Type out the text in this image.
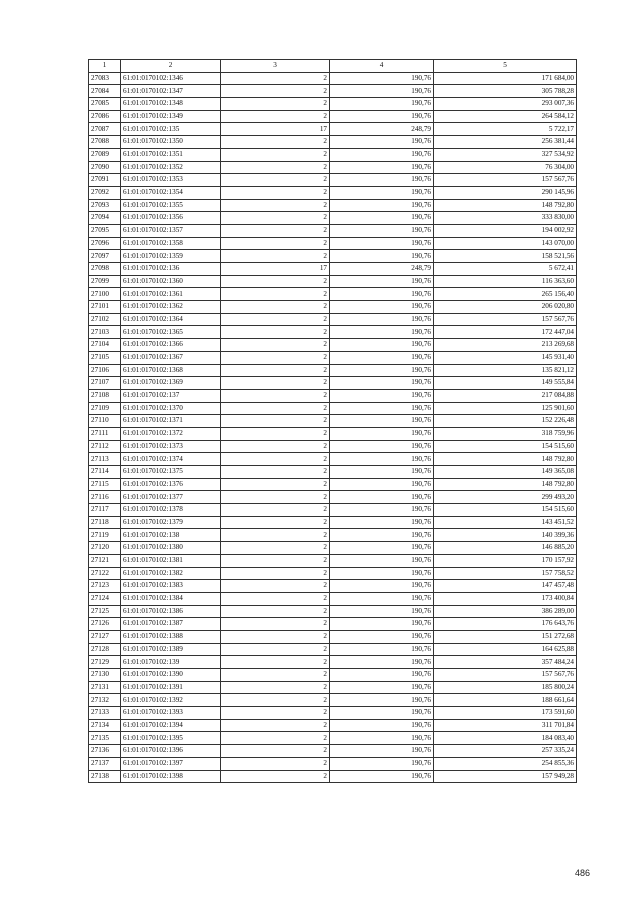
1	2	3	4	5
27083	61:01:0170102:1346	2	190,76	171 684,00
27084	61:01:0170102:1347	2	190,76	305 788,28
27085	61:01:0170102:1348	2	190,76	293 007,36
27086	61:01:0170102:1349	2	190,76	264 584,12
27087	61:01:0170102:135	17	248,79	5 722,17
27088	61:01:0170102:1350	2	190,76	256 381,44
27089	61:01:0170102:1351	2	190,76	327 534,92
27090	61:01:0170102:1352	2	190,76	76 304,00
27091	61:01:0170102:1353	2	190,76	157 567,76
27092	61:01:0170102:1354	2	190,76	290 145,96
27093	61:01:0170102:1355	2	190,76	148 792,80
27094	61:01:0170102:1356	2	190,76	333 830,00
27095	61:01:0170102:1357	2	190,76	194 002,92
27096	61:01:0170102:1358	2	190,76	143 070,00
27097	61:01:0170102:1359	2	190,76	158 521,56
27098	61:01:0170102:136	17	248,79	5 672,41
27099	61:01:0170102:1360	2	190,76	116 363,60
27100	61:01:0170102:1361	2	190,76	265 156,40
27101	61:01:0170102:1362	2	190,76	206 020,80
27102	61:01:0170102:1364	2	190,76	157 567,76
27103	61:01:0170102:1365	2	190,76	172 447,04
27104	61:01:0170102:1366	2	190,76	213 269,68
27105	61:01:0170102:1367	2	190,76	145 931,40
27106	61:01:0170102:1368	2	190,76	135 821,12
27107	61:01:0170102:1369	2	190,76	149 555,84
27108	61:01:0170102:137	2	190,76	217 084,88
27109	61:01:0170102:1370	2	190,76	125 901,60
27110	61:01:0170102:1371	2	190,76	152 226,48
27111	61:01:0170102:1372	2	190,76	318 759,96
27112	61:01:0170102:1373	2	190,76	154 515,60
27113	61:01:0170102:1374	2	190,76	148 792,80
27114	61:01:0170102:1375	2	190,76	149 365,08
27115	61:01:0170102:1376	2	190,76	148 792,80
27116	61:01:0170102:1377	2	190,76	299 493,20
27117	61:01:0170102:1378	2	190,76	154 515,60
27118	61:01:0170102:1379	2	190,76	143 451,52
27119	61:01:0170102:138	2	190,76	140 399,36
27120	61:01:0170102:1380	2	190,76	146 885,20
27121	61:01:0170102:1381	2	190,76	170 157,92
27122	61:01:0170102:1382	2	190,76	157 758,52
27123	61:01:0170102:1383	2	190,76	147 457,48
27124	61:01:0170102:1384	2	190,76	173 400,84
27125	61:01:0170102:1386	2	190,76	386 289,00
27126	61:01:0170102:1387	2	190,76	176 643,76
27127	61:01:0170102:1388	2	190,76	151 272,68
27128	61:01:0170102:1389	2	190,76	164 625,88
27129	61:01:0170102:139	2	190,76	357 484,24
27130	61:01:0170102:1390	2	190,76	157 567,76
27131	61:01:0170102:1391	2	190,76	185 800,24
27132	61:01:0170102:1392	2	190,76	188 661,64
27133	61:01:0170102:1393	2	190,76	173 591,60
27134	61:01:0170102:1394	2	190,76	311 701,84
27135	61:01:0170102:1395	2	190,76	184 083,40
27136	61:01:0170102:1396	2	190,76	257 335,24
27137	61:01:0170102:1397	2	190,76	254 855,36
27138	61:01:0170102:1398	2	190,76	157 949,28
486
